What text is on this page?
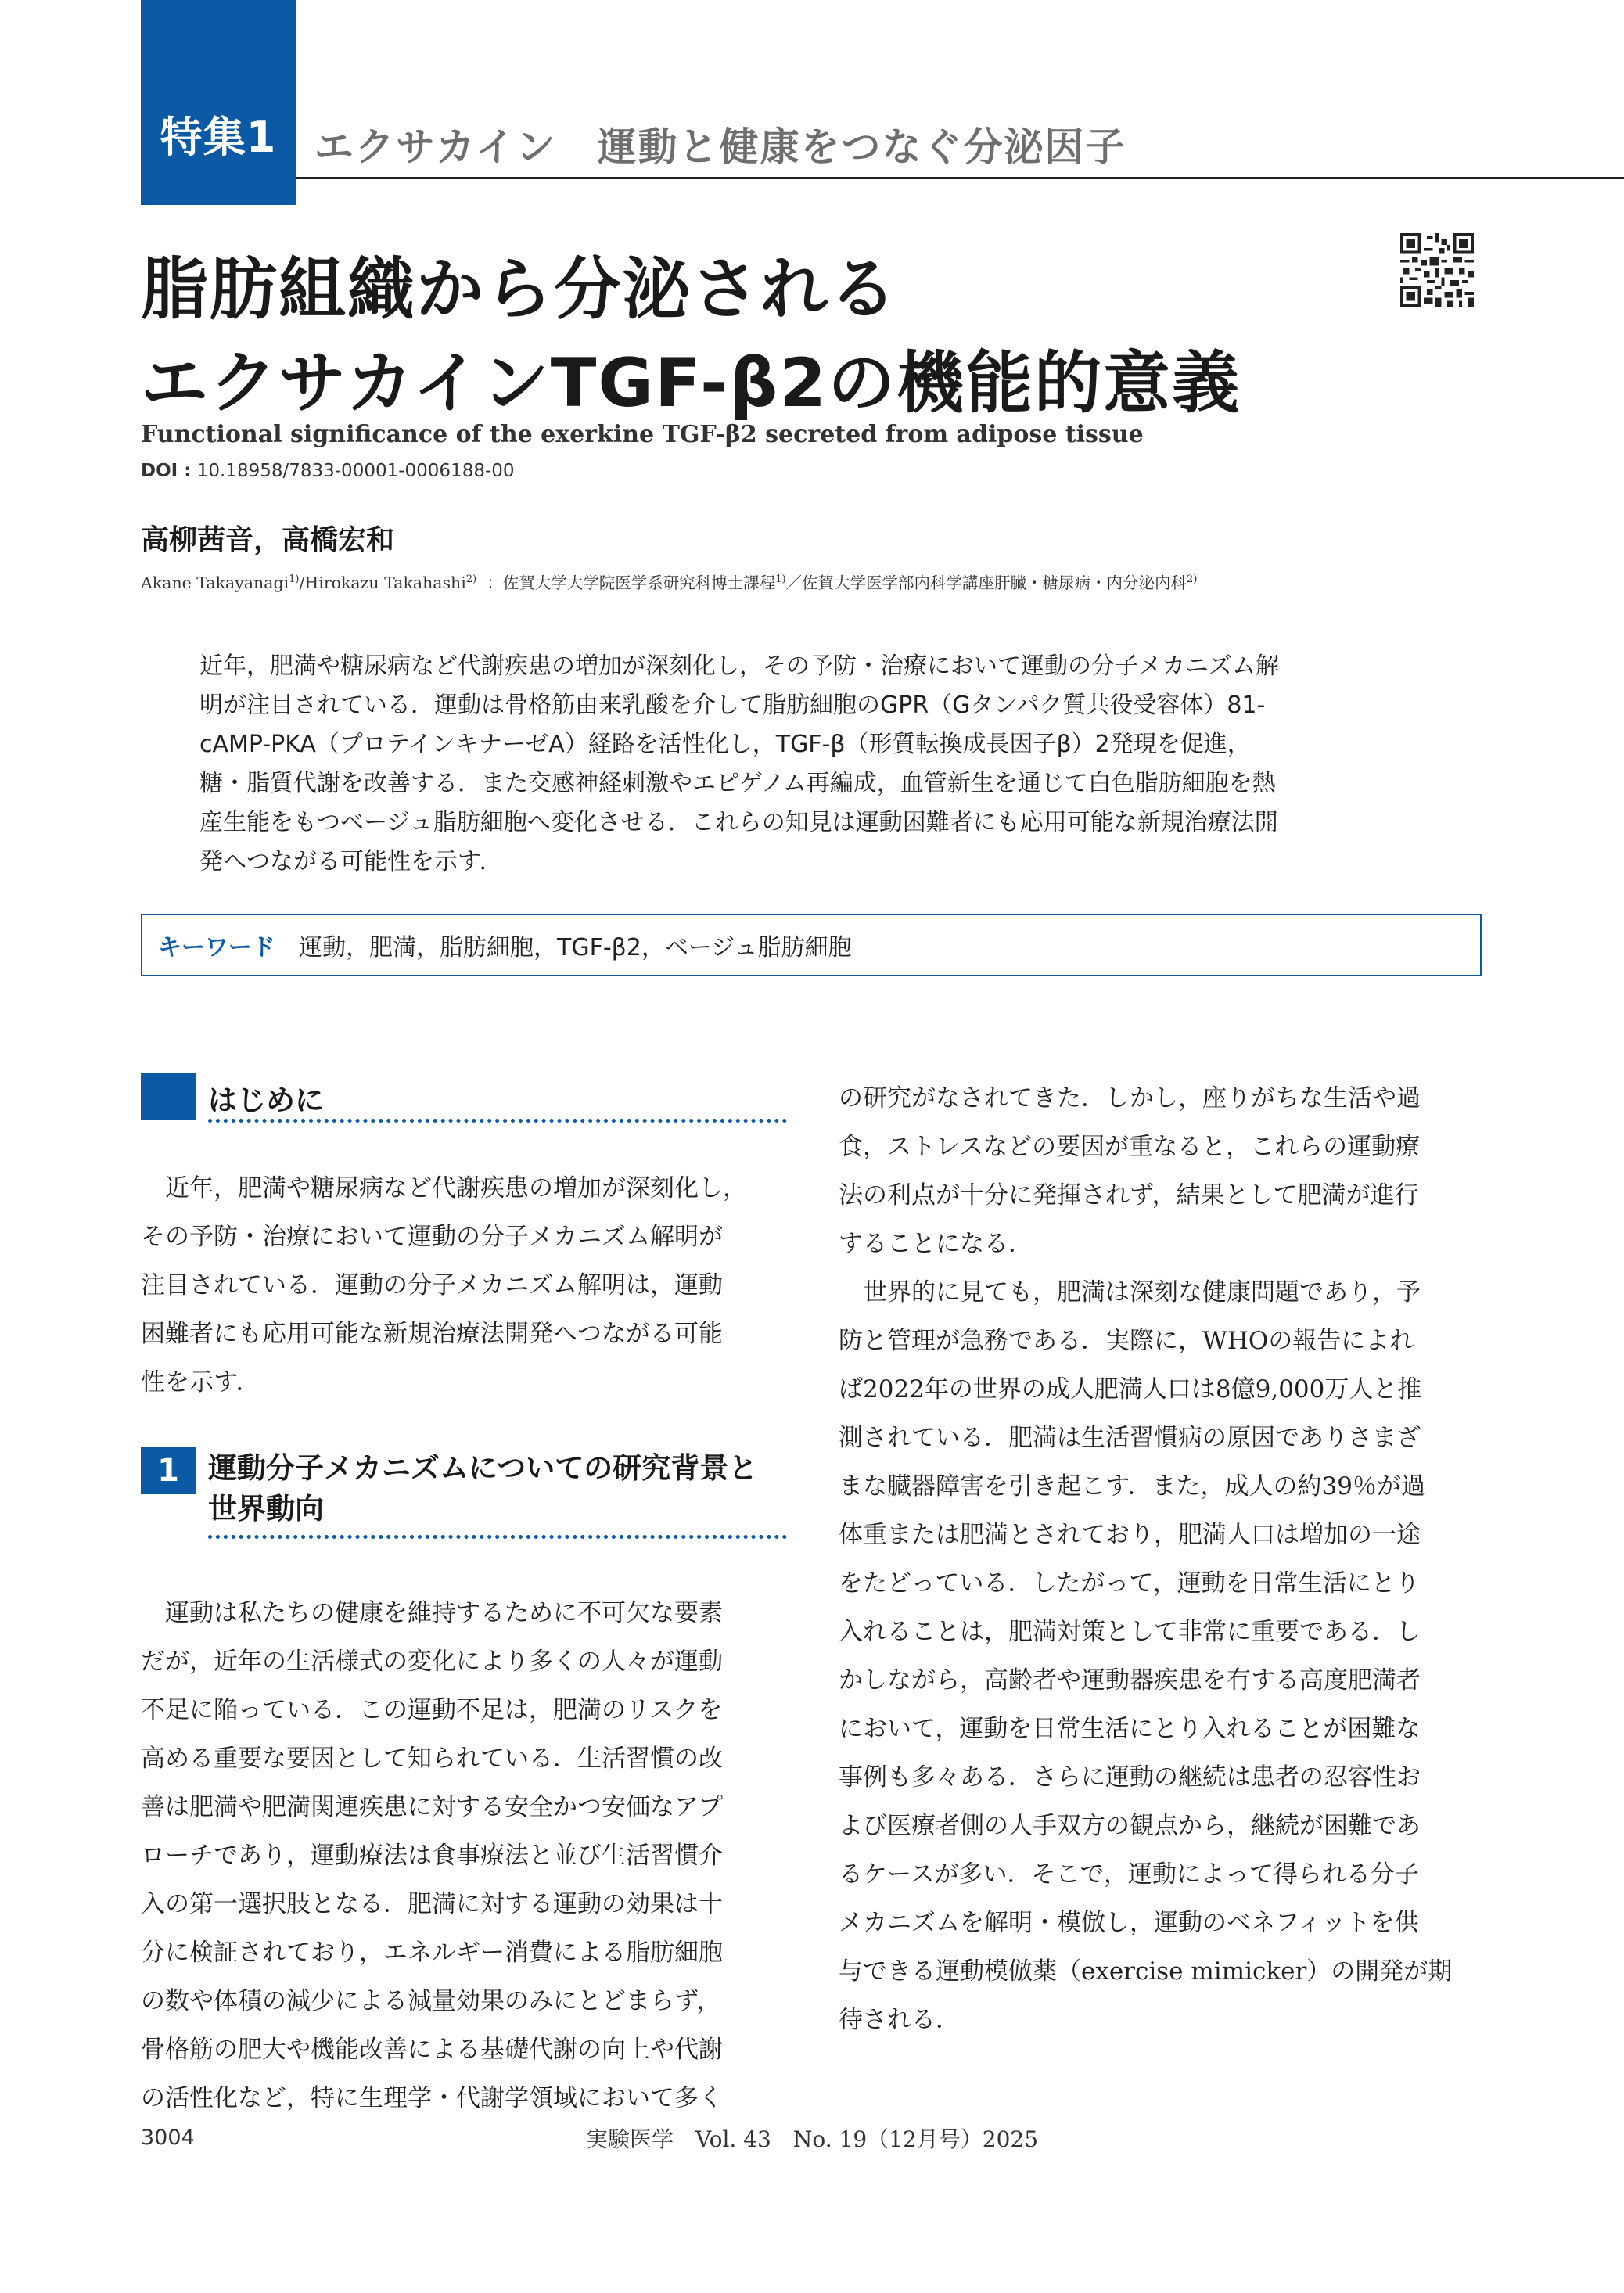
特集1 エクサカイン　運動と健康をつなぐ分泌因子
脂肪組織から分泌される
エクサカインTGF-β2の機能的意義
Functional significance of the exerkine TGF-β2 secreted from adipose tissue
DOI : 10.18958/7833-00001-0006188-00
高柳茜音，高橋宏和
Akane Takayanagi$^{1)}$/Hirokazu Takahashi$^{2)}$ ：佐賀大学大学院医学系研究科博士課程$^{1)}$／佐賀大学医学部内科学講座肝臓・糖尿病・内分泌内科$^{2)}$
近年，肥満や糖尿病など代謝疾患の増加が深刻化し，その予防・治療において運動の分子メカニズム解
明が注目されている．運動は骨格筋由来乳酸を介して脂肪細胞のGPR（Gタンパク質共役受容体）81-
cAMP-PKA（プロテインキナーゼA）経路を活性化し，TGF-β（形質転換成長因子β）2発現を促進，
糖・脂質代謝を改善する．また交感神経刺激やエピゲノム再編成，血管新生を通じて白色脂肪細胞を熱
産生能をもつベージュ脂肪細胞へ変化させる．これらの知見は運動困難者にも応用可能な新規治療法開
発へつながる可能性を示す．
キーワード 運動，肥満，脂肪細胞，TGF-β2，ベージュ脂肪細胞
はじめに
　近年，肥満や糖尿病など代謝疾患の増加が深刻化し，
その予防・治療において運動の分子メカニズム解明が
注目されている．運動の分子メカニズム解明は，運動
困難者にも応用可能な新規治療法開発へつながる可能
性を示す．
1	運動分子メカニズムについての研究背景と
世界動向
　運動は私たちの健康を維持するために不可欠な要素
だが，近年の生活様式の変化により多くの人々が運動
不足に陥っている．この運動不足は，肥満のリスクを
高める重要な要因として知られている．生活習慣の改
善は肥満や肥満関連疾患に対する安全かつ安価なアプ
ローチであり，運動療法は食事療法と並び生活習慣介
入の第一選択肢となる．肥満に対する運動の効果は十
分に検証されており，エネルギー消費による脂肪細胞
の数や体積の減少による減量効果のみにとどまらず，
骨格筋の肥大や機能改善による基礎代謝の向上や代謝
の活性化など，特に生理学・代謝学領域において多く
の研究がなされてきた．しかし，座りがちな生活や過
食，ストレスなどの要因が重なると，これらの運動療
法の利点が十分に発揮されず，結果として肥満が進行
することになる．
　世界的に見ても，肥満は深刻な健康問題であり，予
防と管理が急務である．実際に，WHOの報告によれ
ば2022年の世界の成人肥満人口は8億9,000万人と推
測されている．肥満は生活習慣病の原因でありさまざ
まな臓器障害を引き起こす．また，成人の約39％が過
体重または肥満とされており，肥満人口は増加の一途
をたどっている．したがって，運動を日常生活にとり
入れることは，肥満対策として非常に重要である．し
かしながら，高齢者や運動器疾患を有する高度肥満者
において，運動を日常生活にとり入れることが困難な
事例も多々ある．さらに運動の継続は患者の忍容性お
よび医療者側の人手双方の観点から，継続が困難であ
るケースが多い．そこで，運動によって得られる分子
メカニズムを解明・模倣し，運動のベネフィットを供
与できる運動模倣薬（exercise mimicker）の開発が期
待される．
3004	実験医学　Vol. 43　No. 19（12月号）2025
